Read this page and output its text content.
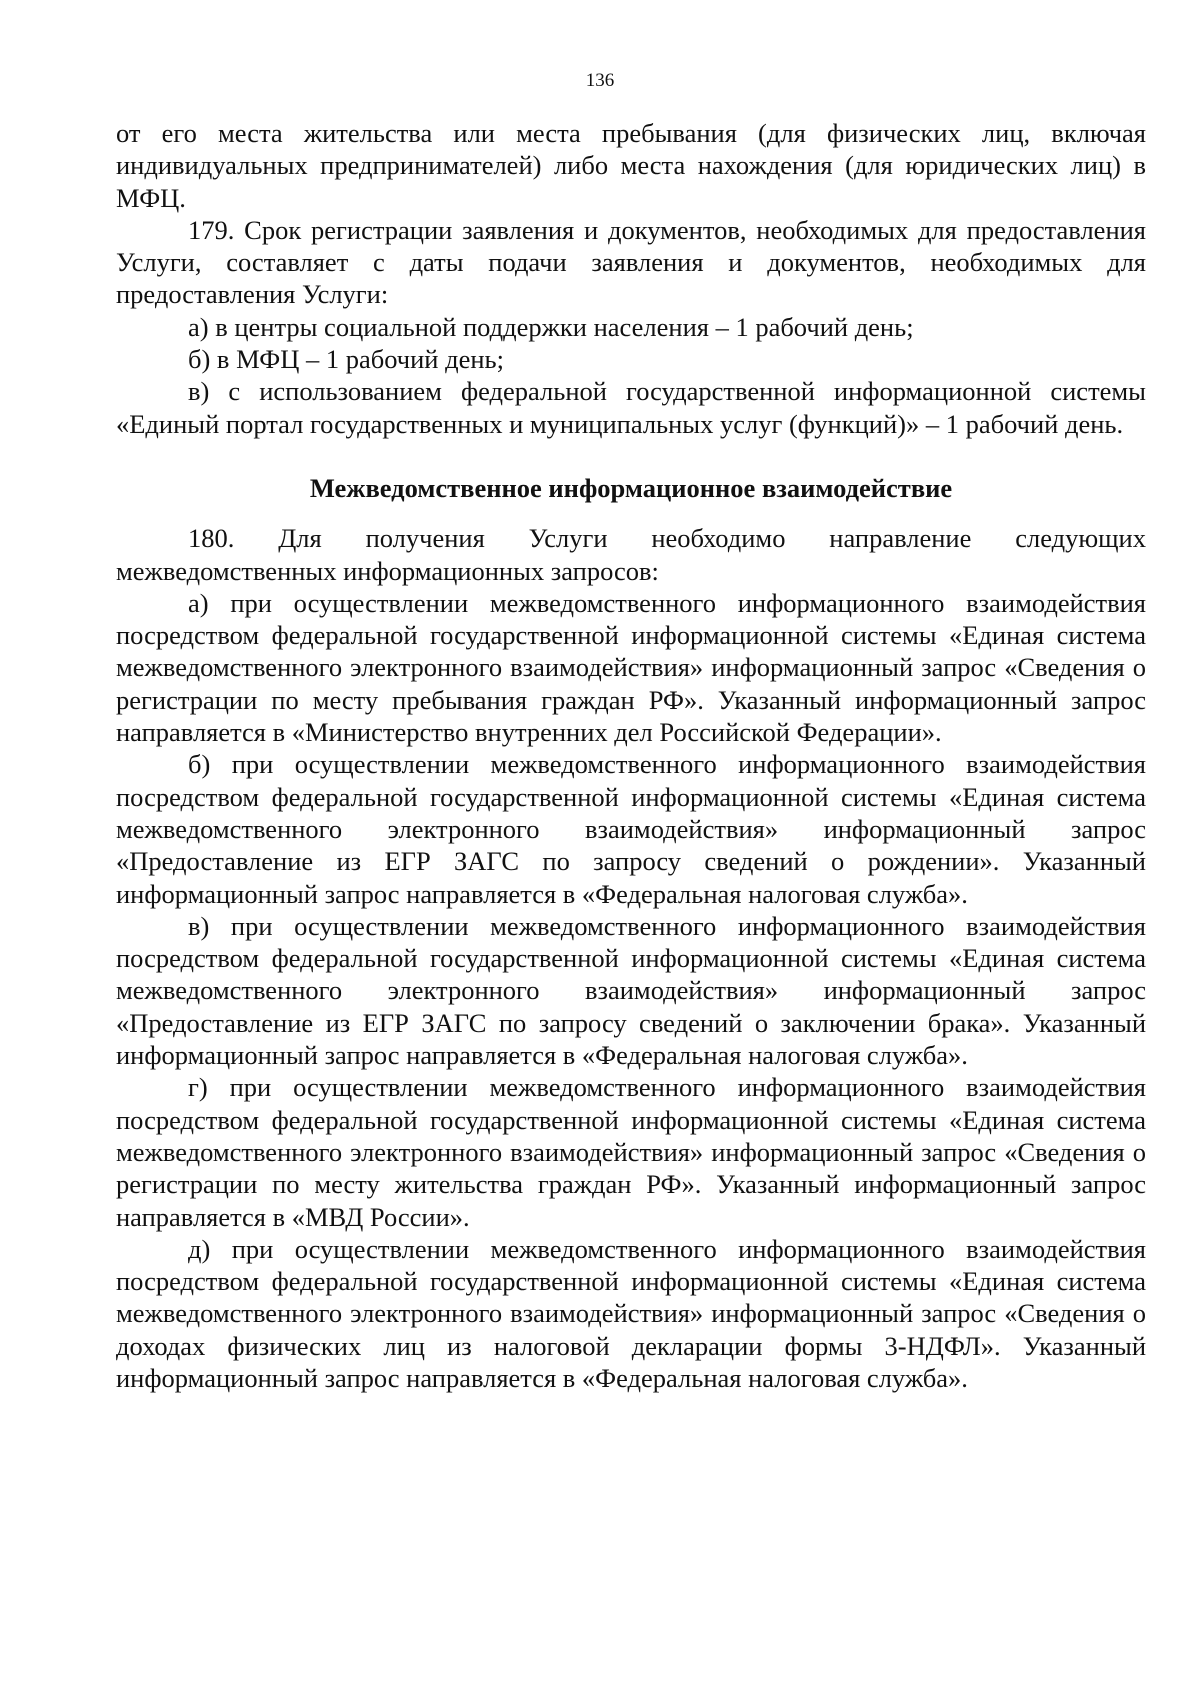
136

от его места жительства или места пребывания (для физических лиц, включая индивидуальных предпринимателей) либо места нахождения (для юридических лиц) в МФЦ.

179. Срок регистрации заявления и документов, необходимых для предоставления Услуги, составляет с даты подачи заявления и документов, необходимых для предоставления Услуги:

а) в центры социальной поддержки населения – 1 рабочий день;

б) в МФЦ – 1 рабочий день;

в) с использованием федеральной государственной информационной системы «Единый портал государственных и муниципальных услуг (функций)» – 1 рабочий день.

Межведомственное информационное взаимодействие

180. Для получения Услуги необходимо направление следующих межведомственных информационных запросов:

а) при осуществлении межведомственного информационного взаимодействия посредством федеральной государственной информационной системы «Единая система межведомственного электронного взаимодействия» информационный запрос «Сведения о регистрации по месту пребывания граждан РФ». Указанный информационный запрос направляется в «Министерство внутренних дел Российской Федерации».

б) при осуществлении межведомственного информационного взаимодействия посредством федеральной государственной информационной системы «Единая система межведомственного электронного взаимодействия» информационный запрос «Предоставление из ЕГР ЗАГС по запросу сведений о рождении». Указанный информационный запрос направляется в «Федеральная налоговая служба».

в) при осуществлении межведомственного информационного взаимодействия посредством федеральной государственной информационной системы «Единая система межведомственного электронного взаимодействия» информационный запрос «Предоставление из ЕГР ЗАГС по запросу сведений о заключении брака». Указанный информационный запрос направляется в «Федеральная налоговая служба».

г) при осуществлении межведомственного информационного взаимодействия посредством федеральной государственной информационной системы «Единая система межведомственного электронного взаимодействия» информационный запрос «Сведения о регистрации по месту жительства граждан РФ». Указанный информационный запрос направляется в «МВД России».

д) при осуществлении межведомственного информационного взаимодействия посредством федеральной государственной информационной системы «Единая система межведомственного электронного взаимодействия» информационный запрос «Сведения о доходах физических лиц из налоговой декларации формы 3-НДФЛ». Указанный информационный запрос направляется в «Федеральная налоговая служба».
